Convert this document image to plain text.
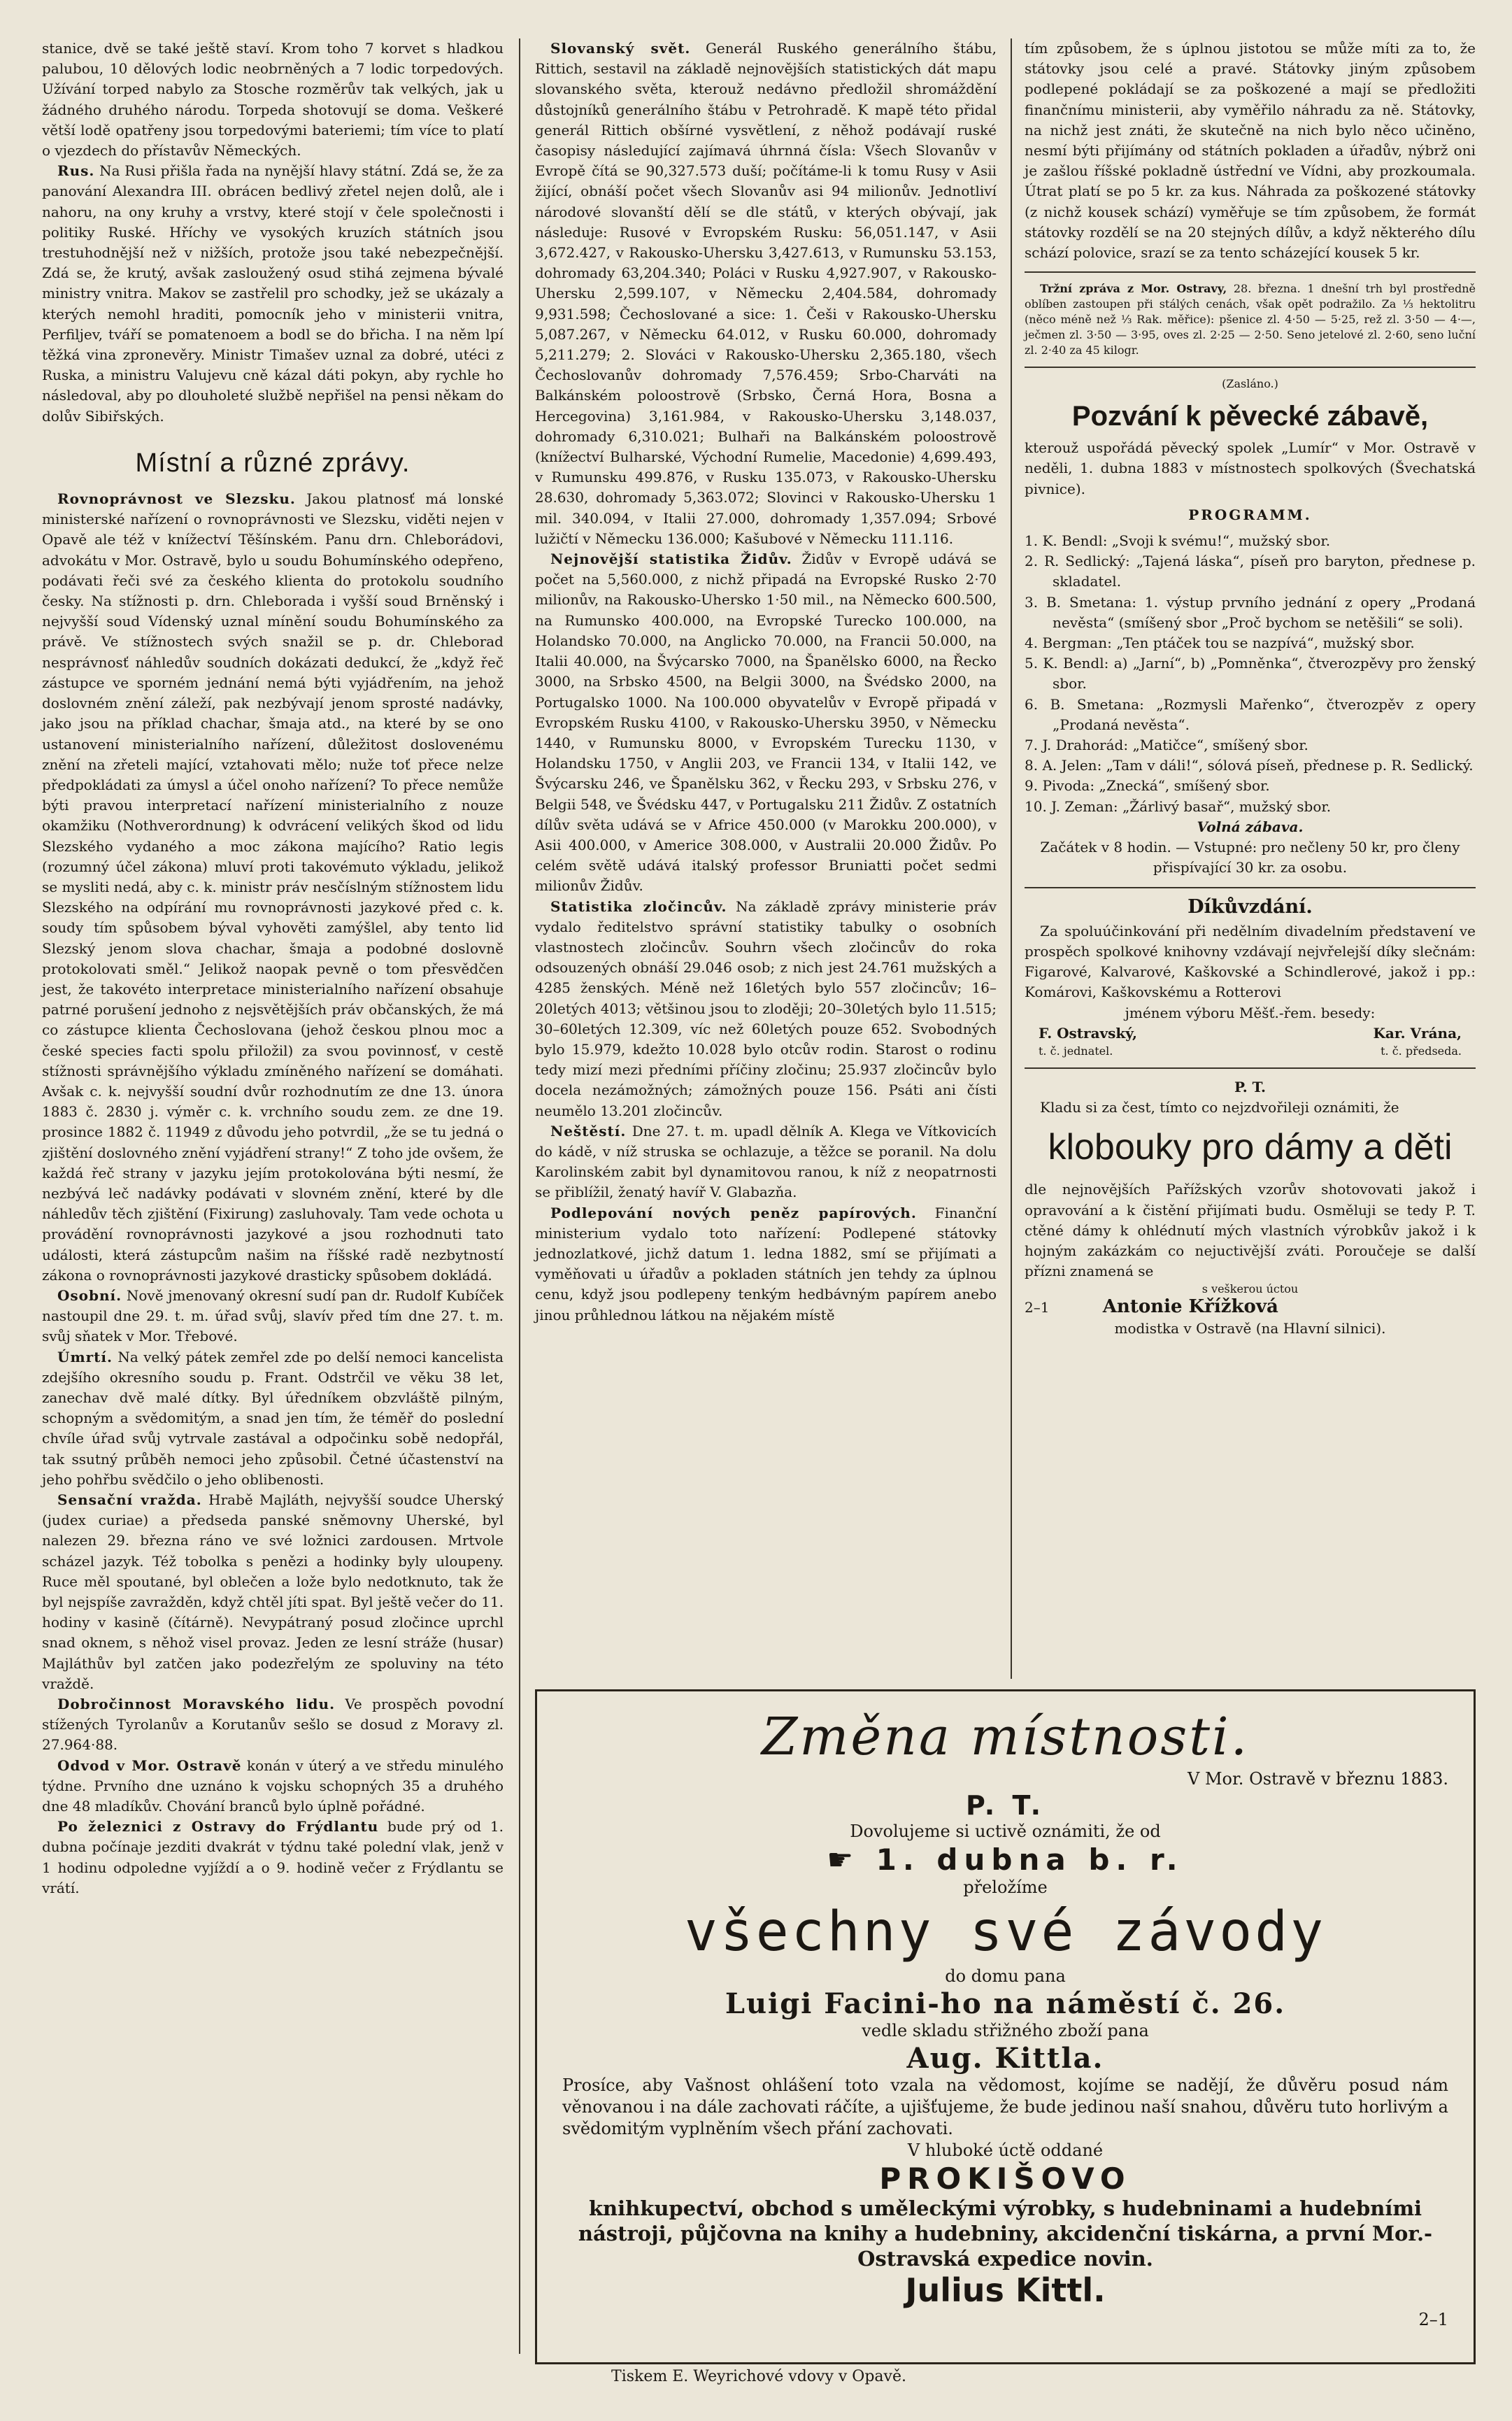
stanice, dvě se také ještě staví. Krom toho 7 korvet s hladkou palubou, 10 dělových lodic neobrněných a 7 lodic torpedových. Užívání torped nabylo za Stosche rozměrův tak velkých, jak u žádného druhého národu. Torpeda shotovují se doma. Veškeré větší lodě opatřeny jsou torpedovými bateriemi; tím více to platí o vjezdech do přístavův Německých.

Rus. Na Rusi přišla řada na nynější hlavy státní. Zdá se, že za panování Alexandra III. obrácen bedlivý zřetel nejen dolů, ale i nahoru, na ony kruhy a vrstvy, které stojí v čele společnosti i politiky Ruské. Hříchy ve vysokých kruzích státních jsou trestuhodnější než v nižších, protože jsou také nebezpečnější. Zdá se, že krutý, avšak zasloužený osud stihá zejmena bývalé ministry vnitra. Makov se zastřelil pro schodky, jež se ukázaly a kterých nemohl hraditi, pomocník jeho v ministerii vnitra, Perfiljev, tváří se pomatenoem a bodl se do břicha. I na něm lpí těžká vina zpronevěry. Ministr Timašev uznal za dobré, utéci z Ruska, a ministru Valujevu cně kázal dáti pokyn, aby rychle ho následoval, aby po dlouholeté službě nepřišel na pensi někam do dolův Sibiřských.

Místní a různé zprávy.

Rovnoprávnost ve Slezsku. Jakou platnosť má lonské ministerské nařízení o rovnoprávnosti ve Slezsku, viděti nejen v Opavě ale též v knížectví Těšínském. Panu drn. Chleborádovi, advokátu v Mor. Ostravě, bylo u soudu Bohumínského odepřeno, podávati řeči své za českého klienta do protokolu soudního česky. Na stížnosti p. drn. Chleborada i vyšší soud Brněnský i nejvyšší soud Vídenský uznal mínění soudu Bohumínského za právě. Ve stížnostech svých snažil se p. dr. Chleborad nesprávnosť náhledův soudních dokázati dedukcí, že „když řeč zástupce ve sporném jednání nemá býti vyjádřením, na jehož doslovném znění záleží, pak nezbývají jenom sprosté nadávky, jako jsou na příklad chachar, šmaja atd., na které by se ono ustanovení ministerialního nařízení, důležitost doslovenému znění na zřeteli mající, vztahovati mělo; nuže toť přece nelze předpokládati za úmysl a účel onoho nařízení? To přece nemůže býti pravou interpretací nařízení ministerialního z nouze okamžiku (Nothverordnung) k odvrácení velikých škod od lidu Slezského vydaného a moc zákona majícího? Ratio legis (rozumný účel zákona) mluví proti takovémuto výkladu, jelikož se mysliti nedá, aby c. k. ministr práv nesčíslným stížnostem lidu Slezského na odpírání mu rovnoprávnosti jazykové před c. k. soudy tím spůsobem býval vyhověti zamýšlel, aby tento lid Slezský jenom slova chachar, šmaja a podobné doslovně protokolovati směl.“ Jelikož naopak pevně o tom přesvědčen jest, že takovéto interpretace ministerialního nařízení obsahuje patrné porušení jednoho z nejsvětějších práv občanských, že má co zástupce klienta Čechoslovana (jehož českou plnou moc a české species facti spolu přiložil) za svou povinnosť, v cestě stížnosti správnějšího výkladu zmíněného nařízení se domáhati. Avšak c. k. nejvyšší soudní dvůr rozhodnutím ze dne 13. února 1883 č. 2830 j. výměr c. k. vrchního soudu zem. ze dne 19. prosince 1882 č. 11949 z důvodu jeho potvrdil, „že se tu jedná o zjištění doslovného znění vyjádření strany!“ Z toho jde ovšem, že každá řeč strany v jazyku jejím protokolována býti nesmí, že nezbývá leč nadávky podávati v slovném znění, které by dle náhledův těch zjištění (Fixirung) zasluhovaly. Tam vede ochota u provádění rovnoprávnosti jazykové a jsou rozhodnuti tato události, která zástupcům našim na říšské radě nezbytností zákona o rovnoprávnosti jazykové drasticky spůsobem dokládá.

Osobní. Nově jmenovaný okresní sudí pan dr. Rudolf Kubíček nastoupil dne 29. t. m. úřad svůj, slavív před tím dne 27. t. m. svůj sňatek v Mor. Třebové.

Úmrtí. Na velký pátek zemřel zde po delší nemoci kancelista zdejšího okresního soudu p. Frant. Odstrčil ve věku 38 let, zanechav dvě malé dítky. Byl úředníkem obzvláště pilným, schopným a svědomitým, a snad jen tím, že téměř do poslední chvíle úřad svůj vytrvale zastával a odpočinku sobě nedopřál, tak ssutný průběh nemoci jeho způsobil. Četné účastenství na jeho pohřbu svědčilo o jeho oblibenosti.

Sensační vražda. Hrabě Majláth, nejvyšší soudce Uherský (judex curiae) a předseda panské sněmovny Uherské, byl nalezen 29. března ráno ve své ložnici zardousen. Mrtvole scházel jazyk. Též tobolka s penězi a hodinky byly uloupeny. Ruce měl spoutané, byl oblečen a lože bylo nedotknuto, tak že byl nejspíše zavražděn, když chtěl jíti spat. Byl ještě večer do 11. hodiny v kasině (čítárně). Nevypátraný posud zločince uprchl snad oknem, s něhož visel provaz. Jeden ze lesní stráže (husar) Majláthův byl zatčen jako podezřelým ze spoluviny na této vraždě.

Dobročinnost Moravského lidu. Ve prospěch povodní stížených Tyrolanův a Korutanův sešlo se dosud z Moravy zl. 27.964·88.

Odvod v Mor. Ostravě konán v úterý a ve středu minulého týdne. Prvního dne uznáno k vojsku schopných 35 a druhého dne 48 mladíkův. Chování branců bylo úplně pořádné.

Po železnici z Ostravy do Frýdlantu bude prý od 1. dubna počínaje jezditi dvakrát v týdnu také polední vlak, jenž v 1 hodinu odpoledne vyjíždí a o 9. hodině večer z Frýdlantu se vrátí.

Slovanský svět. Generál Ruského generálního štábu, Rittich, sestavil na základě nejnovějších statistických dát mapu slovanského světa, kterouž nedávno předložil shromáždění důstojníků generálního štábu v Petrohradě. K mapě této přidal generál Rittich obšírné vysvětlení, z něhož podávají ruské časopisy následující zajímavá úhrnná čísla: Všech Slovanův v Evropě čítá se 90,327.573 duší; počítáme-li k tomu Rusy v Asii žijící, obnáší počet všech Slovanův asi 94 milionův. Jednotliví národové slovanští dělí se dle států, v kterých obývají, jak následuje: Rusové v Evropském Rusku: 56,051.147, v Asii 3,672.427, v Rakousko-Uhersku 3,427.613, v Rumunsku 53.153, dohromady 63,204.340; Poláci v Rusku 4,927.907, v Rakousko-Uhersku 2,599.107, v Německu 2,404.584, dohromady 9,931.598; Čechoslované a sice: 1. Češi v Rakousko-Uhersku 5,087.267, v Německu 64.012, v Rusku 60.000, dohromady 5,211.279; 2. Slováci v Rakousko-Uhersku 2,365.180, všech Čechoslovanův dohromady 7,576.459; Srbo-Charváti na Balkánském poloostrově (Srbsko, Černá Hora, Bosna a Hercegovina) 3,161.984, v Rakousko-Uhersku 3,148.037, dohromady 6,310.021; Bulhaři na Balkánském poloostrově (knížectví Bulharské, Východní Rumelie, Macedonie) 4,699.493, v Rumunsku 499.876, v Rusku 135.073, v Rakousko-Uhersku 28.630, dohromady 5,363.072; Slovinci v Rakousko-Uhersku 1 mil. 340.094, v Italii 27.000, dohromady 1,357.094; Srbové lužičtí v Německu 136.000; Kašubové v Německu 111.116.

Nejnovější statistika Židův. Židův v Evropě udává se počet na 5,560.000, z nichž připadá na Evropské Rusko 2·70 milionův, na Rakousko-Uhersko 1·50 mil., na Německo 600.500, na Rumunsko 400.000, na Evropské Turecko 100.000, na Holandsko 70.000, na Anglicko 70.000, na Francii 50.000, na Italii 40.000, na Švýcarsko 7000, na Španělsko 6000, na Řecko 3000, na Srbsko 4500, na Belgii 3000, na Švédsko 2000, na Portugalsko 1000. Na 100.000 obyvatelův v Evropě připadá v Evropském Rusku 4100, v Rakousko-Uhersku 3950, v Německu 1440, v Rumunsku 8000, v Evropském Turecku 1130, v Holandsku 1750, v Anglii 203, ve Francii 134, v Italii 142, ve Švýcarsku 246, ve Španělsku 362, v Řecku 293, v Srbsku 276, v Belgii 548, ve Švédsku 447, v Portugalsku 211 Židův. Z ostatních dílův světa udává se v Africe 450.000 (v Marokku 200.000), v Asii 400.000, v Americe 308.000, v Australii 20.000 Židův. Po celém světě udává italský professor Bruniatti počet sedmi milionův Židův.

Statistika zločincův. Na základě zprávy ministerie práv vydalo ředitelstvo správní statistiky tabulky o osobních vlastnostech zločincův. Souhrn všech zločincův do roka odsouzených obnáší 29.046 osob; z nich jest 24.761 mužských a 4285 ženských. Méně než 16letých bylo 557 zločincův; 16–20letých 4013; většinou jsou to zloději; 20–30letých bylo 11.515; 30–60letých 12.309, víc než 60letých pouze 652. Svobodných bylo 15.979, kdežto 10.028 bylo otcův rodin. Starost o rodinu tedy mizí mezi předními příčiny zločinu; 25.937 zločincův bylo docela nezámožných; zámožných pouze 156. Psáti ani čísti neumělo 13.201 zločincův.

Neštěstí. Dne 27. t. m. upadl dělník A. Klega ve Vítkovicích do kádě, v níž struska se ochlazuje, a těžce se poranil. Na dolu Karolinském zabit byl dynamitovou ranou, k níž z neopatrnosti se přiblížil, ženatý havíř V. Glabazňa.

Podlepování nových peněz papírových. Finanční ministerium vydalo toto nařízení: Podlepené státovky jednozlatkové, jichž datum 1. ledna 1882, smí se přijímati a vyměňovati u úřadův a pokladen státních jen tehdy za úplnou cenu, když jsou podlepeny tenkým hedbávným papírem anebo jinou průhlednou látkou na nějakém místě

tím způsobem, že s úplnou jistotou se může míti za to, že státovky jsou celé a pravé. Státovky jiným způsobem podlepené pokládají se za poškozené a mají se předložiti finančnímu ministerii, aby vyměřilo náhradu za ně. Státovky, na nichž jest znáti, že skutečně na nich bylo něco učiněno, nesmí býti přijímány od státních pokladen a úřadův, nýbrž oni je zašlou říšské pokladně ústřední ve Vídni, aby prozkoumala. Útrat platí se po 5 kr. za kus. Náhrada za poškozené státovky (z nichž kousek schází) vyměřuje se tím způsobem, že formát státovky rozdělí se na 20 stejných dílův, a když některého dílu schází polovice, srazí se za tento scházející kousek 5 kr.

Tržní zpráva z Mor. Ostravy, 28. března. 1 dnešní trh byl prostředně oblíben zastoupen při stálých cenách, však opět podražilo. Za ⅓ hektolitru (něco méně než ⅓ Rak. měřice): pšenice zl. 4·50 — 5·25, rež zl. 3·50 — 4·—, ječmen zl. 3·50 — 3·95, oves zl. 2·25 — 2·50. Seno jetelové zl. 2·60, seno luční zl. 2·40 za 45 kilogr.

(Zasláno.)

Pozvání k pěvecké zábavě,

kterouž uspořádá pěvecký spolek „Lumír“ v Mor. Ostravě v neděli, 1. dubna 1883 v místnostech spolkových (Švechatská pivnice).

PROGRAMM.

1. K. Bendl: „Svoji k svému!“, mužský sbor.

2. R. Sedlický: „Tajená láska“, píseň pro baryton, přednese p. skladatel.

3. B. Smetana: 1. výstup prvního jednání z opery „Prodaná nevěsta“ (smíšený sbor „Proč bychom se netěšili“ se soli).

4. Bergman: „Ten ptáček tou se nazpívá“, mužský sbor.

5. K. Bendl: a) „Jarní“, b) „Pomněnka“, čtverozpěvy pro ženský sbor.

6. B. Smetana: „Rozmysli Mařenko“, čtverozpěv z opery „Prodaná nevěsta“.

7. J. Drahorád: „Matičce“, smíšený sbor.

8. A. Jelen: „Tam v dáli!“, sólová píseň, přednese p. R. Sedlický.

9. Pivoda: „Znecká“, smíšený sbor.

10. J. Zeman: „Žárlivý basař“, mužský sbor.

Volná zábava.

Začátek v 8 hodin. — Vstupné: pro nečleny 50 kr, pro členy přispívající 30 kr. za osobu.

Díkůvzdání.

Za spoluúčinkování při nedělním divadelním představení ve prospěch spolkové knihovny vzdávají nejvřelejší díky slečnám: Figarové, Kalvarové, Kaškovské a Schindlerové, jakož i pp.: Komárovi, Kaškovskému a Rotterovi

jménem výboru Měšť.-řem. besedy:

F. Ostravský,	Kar. Vrána,
t. č. jednatel.	t. č. předseda.

P. T.

Kladu si za čest, tímto co nejzdvořileji oznámiti, že

klobouky pro dámy a děti

dle nejnovějších Pařížských vzorův shotovovati jakož i opravování a k čistění přijímati budu. Osměluji se tedy P. T. ctěné dámy k ohlédnutí mých vlastních výrobkův jakož i k hojným zakázkám co nejuctivější zváti. Poroučeje se další přízni znamená se

s veškerou úctou

2–1	Antonie Křížková

modistka v Ostravě (na Hlavní silnici).

Změna místnosti.
V Mor. Ostravě v březnu 1883.
P. T.
Dovolujeme si uctivě oznámiti, že od
☛ 1. dubna b. r.
přeložíme
všechny své závody
do domu pana
Luigi Facini-ho na náměstí č. 26.
vedle skladu střižného zboží pana
Aug. Kittla.
Prosíce, aby Vašnost ohlášení toto vzala na vědomost, kojíme se nadějí, že důvěru posud nám věnovanou i na dále zachovati ráčíte, a ujišťujeme, že bude jedinou naší snahou, důvěru tuto horlivým a svědomitým vyplněním všech přání zachovati.
V hluboké úctě oddané
PROKIŠOVO
knihkupectví, obchod s uměleckými výrobky, s hudebninami a hudebními nástroji, půjčovna na knihy a hudebniny, akcidenční tiskárna, a první Mor.-Ostravská expedice novin.
Julius Kittl.
2–1
Tiskem E. Weyrichové vdovy v Opavě.
